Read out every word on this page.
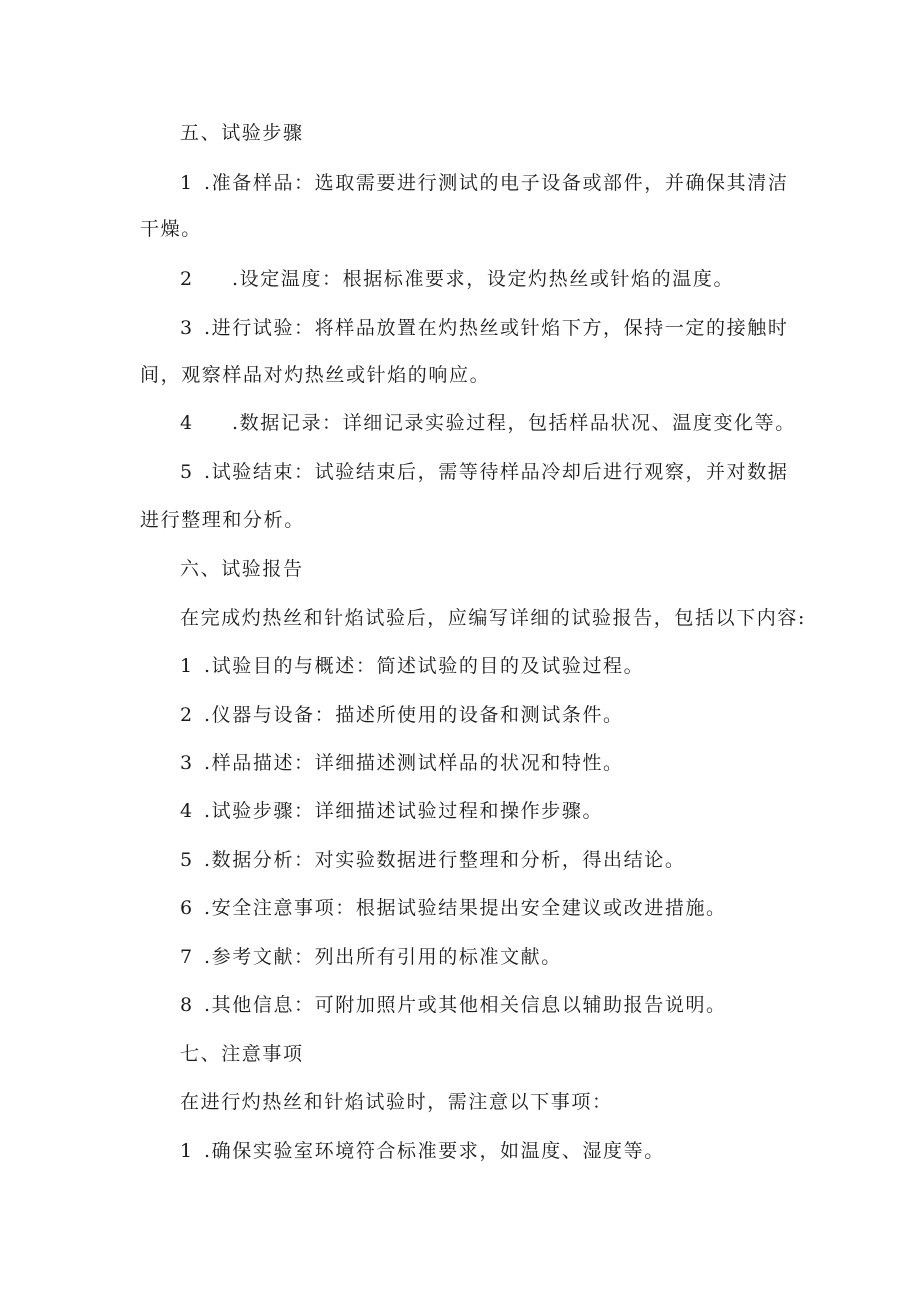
五、试验步骤
1 .准备样品：选取需要进行测试的电子设备或部件，并确保其清洁
干燥。
2 .设定温度：根据标准要求，设定灼热丝或针焰的温度。
3 .进行试验：将样品放置在灼热丝或针焰下方，保持一定的接触时
间，观察样品对灼热丝或针焰的响应。
4 .数据记录：详细记录实验过程，包括样品状况、温度变化等。
5 .试验结束：试验结束后，需等待样品冷却后进行观察，并对数据
进行整理和分析。
六、试验报告
在完成灼热丝和针焰试验后，应编写详细的试验报告，包括以下内容:
1 .试验目的与概述：简述试验的目的及试验过程。
2 .仪器与设备：描述所使用的设备和测试条件。
3 .样品描述：详细描述测试样品的状况和特性。
4 .试验步骤：详细描述试验过程和操作步骤。
5 .数据分析：对实验数据进行整理和分析，得出结论。
6 .安全注意事项：根据试验结果提出安全建议或改进措施。
7 .参考文献：列出所有引用的标准文献。
8 .其他信息：可附加照片或其他相关信息以辅助报告说明。
七、注意事项
在进行灼热丝和针焰试验时，需注意以下事项：
1 .确保实验室环境符合标准要求，如温度、湿度等。
